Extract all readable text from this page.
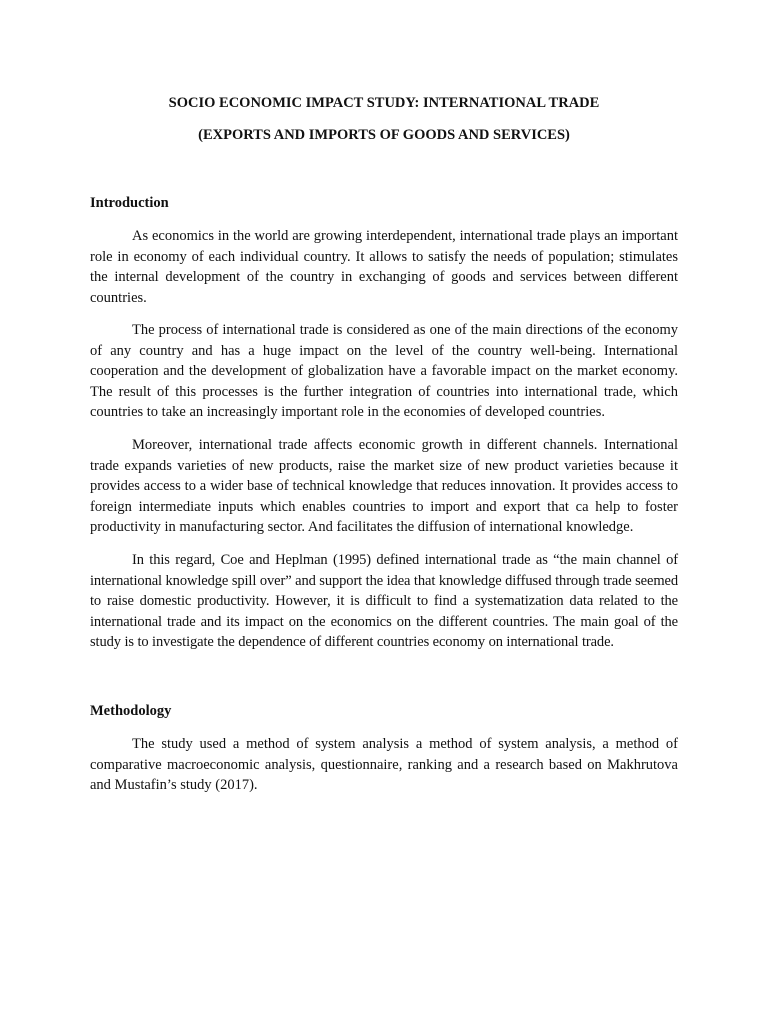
SOCIO ECONOMIC IMPACT STUDY: INTERNATIONAL TRADE
(EXPORTS AND IMPORTS OF GOODS AND SERVICES)
Introduction

As economics in the world are growing interdependent, international trade plays an important role in economy of each individual country. It allows to satisfy the needs of population; stimulates the internal development of the country in exchanging of goods and services between different countries.

The process of international trade is considered as one of the main directions of the economy of any country and has a huge impact on the level of the country well-being. International cooperation and the development of globalization have a favorable impact on the market economy. The result of this processes is the further integration of countries into international trade, which countries to take an increasingly important role in the economies of developed countries.

Moreover, international trade affects economic growth in different channels. International trade expands varieties of new products, raise the market size of new product varieties because it provides access to a wider base of technical knowledge that reduces innovation. It provides access to foreign intermediate inputs which enables countries to import and export that ca help to foster productivity in manufacturing sector. And facilitates the diffusion of international knowledge.

In this regard, Coe and Heplman (1995) defined international trade as “the main channel of international knowledge spill over” and support the idea that knowledge diffused through trade seemed to raise domestic productivity. However, it is difficult to find a systematization data related to the international trade and its impact on the economics on the different countries. The main goal of the study is to investigate the dependence of different countries economy on international trade.

Methodology

The study used a method of system analysis a method of system analysis, a method of comparative macroeconomic analysis, questionnaire, ranking and a research based on Makhrutova and Mustafin’s study (2017).
